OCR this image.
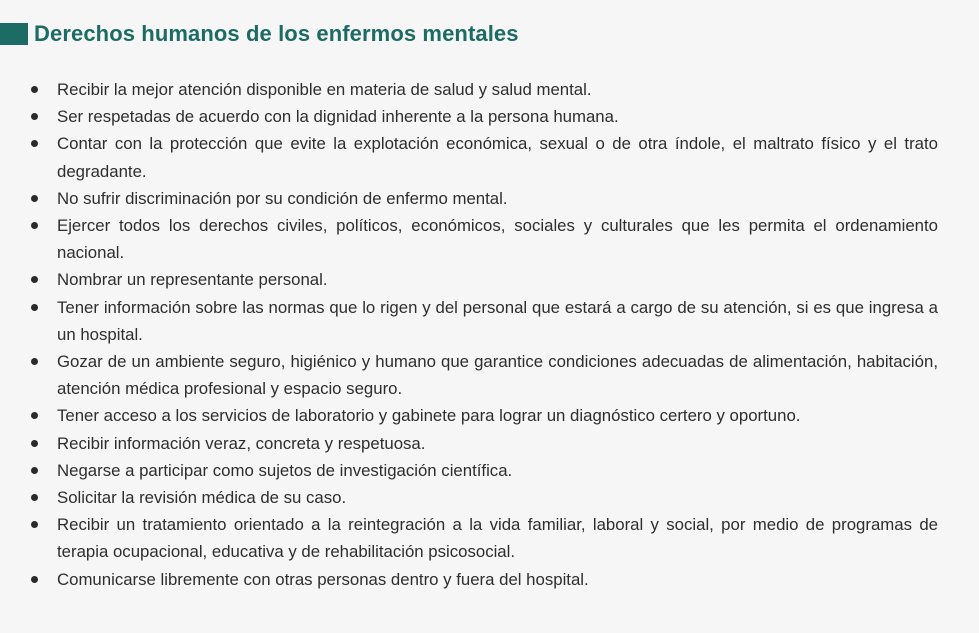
Derechos humanos de los enfermos mentales
Recibir la mejor atención disponible en materia de salud y salud mental.
Ser respetadas de acuerdo con la dignidad inherente a la persona humana.
Contar con la protección que evite la explotación económica, sexual o de otra índole, el maltrato físico y el trato degradante.
No sufrir discriminación por su condición de enfermo mental.
Ejercer todos los derechos civiles, políticos, económicos, sociales y culturales que les permita el ordenamiento nacional.
Nombrar un representante personal.
Tener información sobre las normas que lo rigen y del personal que estará a cargo de su atención, si es que ingresa a un hospital.
Gozar de un ambiente seguro, higiénico y humano que garantice condiciones adecuadas de alimentación, habitación, atención médica profesional y espacio seguro.
Tener acceso a los servicios de laboratorio y gabinete para lograr un diagnóstico certero y oportuno.
Recibir información veraz, concreta y respetuosa.
Negarse a participar como sujetos de investigación científica.
Solicitar la revisión médica de su caso.
Recibir un tratamiento orientado a la reintegración a la vida familiar, laboral y social, por medio de programas de terapia ocupacional, educativa y de rehabilitación psicosocial.
Comunicarse libremente con otras personas dentro y fuera del hospital.
